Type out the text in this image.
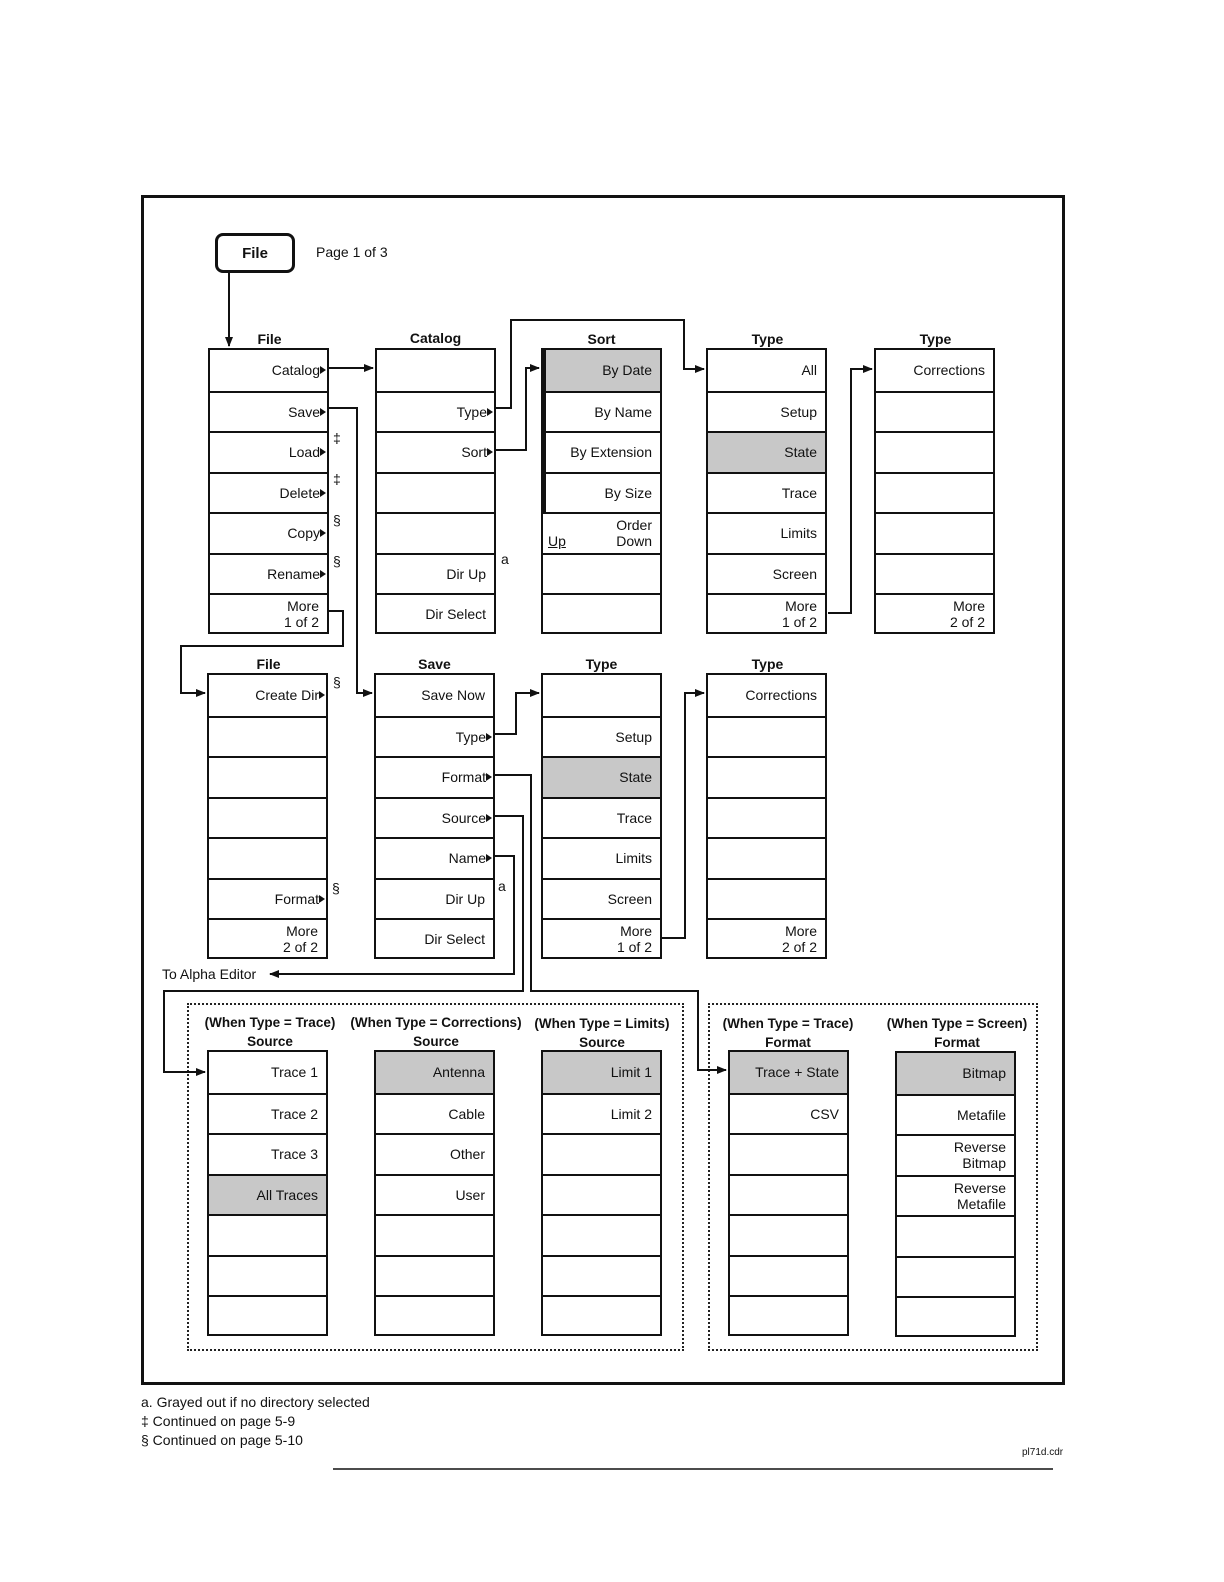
File	Page 1 of 3
File	Catalog	Sort	Type	Type
File	Save	Type	Type
Catalog
Save
Load
Delete
Copy
Rename
More
1 of 2
Type
Sort
Dir Up
Dir Select
By Date
By Name
By Extension
By Size
Order
Down
Up
All
Setup
State
Trace
Limits
Screen
More
1 of 2
Corrections
More
2 of 2
Create Dir
Format
More
2 of 2
Save Now
Type
Format
Source
Name
Dir Up
Dir Select
Setup
State
Trace
Limits
Screen
More
1 of 2
Corrections
More
2 of 2
(When Type = Trace)
Source
(When Type = Corrections)
Source
(When Type = Limits)
Source
(When Type = Trace)
Format
(When Type = Screen)
Format
Trace 1
Trace 2
Trace 3
All Traces
Antenna
Cable
Other
User
Limit 1
Limit 2
Trace + State
CSV
Bitmap
Metafile
Reverse
Bitmap
Reverse
Metafile
‡
‡
§
§	a
§
§	a
To Alpha Editor
a. Grayed out if no directory selected
‡ Continued on page 5-9
§ Continued on page 5-10
pl71d.cdr
